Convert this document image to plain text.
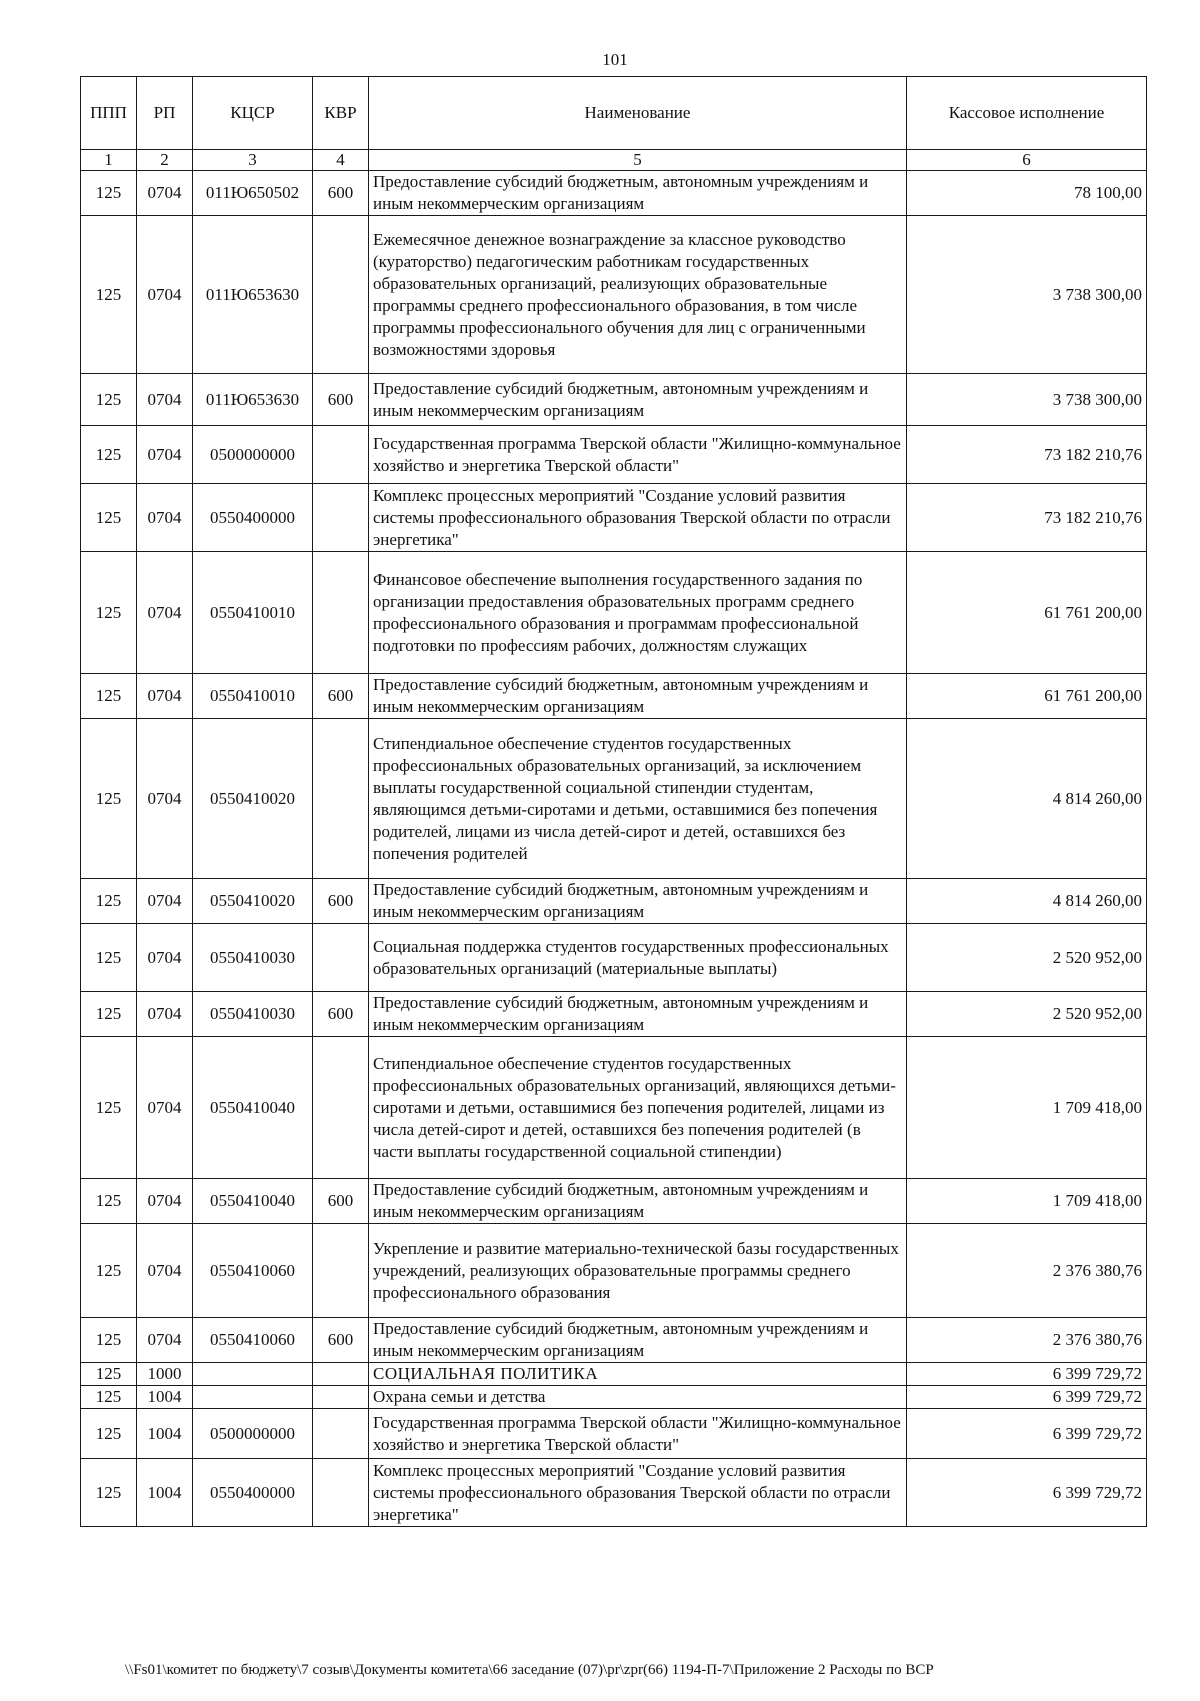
101
ППП	РП	КЦСР	КВР	Наименование	Кассовое исполнение
1	2	3	4	5	6
125	0704	011Ю650502	600	Предоставление субсидий бюджетным, автономным учреждениям и иным некоммерческим организациям	78 100,00
125	0704	011Ю653630		Ежемесячное денежное вознаграждение за классное руководство (кураторство) педагогическим работникам государственных образовательных организаций, реализующих образовательные программы среднего профессионального образования, в том числе программы профессионального обучения для лиц с ограниченными возможностями здоровья	3 738 300,00
125	0704	011Ю653630	600	Предоставление субсидий бюджетным, автономным учреждениям и иным некоммерческим организациям	3 738 300,00
125	0704	0500000000		Государственная программа Тверской области "Жилищно-коммунальное хозяйство и энергетика Тверской области"	73 182 210,76
125	0704	0550400000		Комплекс процессных мероприятий "Создание условий развития системы профессионального образования Тверской области по отрасли энергетика"	73 182 210,76
125	0704	0550410010		Финансовое обеспечение выполнения государственного задания по организации предоставления образовательных программ среднего профессионального образования и программам профессиональной подготовки по профессиям рабочих, должностям служащих	61 761 200,00
125	0704	0550410010	600	Предоставление субсидий бюджетным, автономным учреждениям и иным некоммерческим организациям	61 761 200,00
125	0704	0550410020		Стипендиальное обеспечение студентов государственных профессиональных образовательных организаций, за исключением выплаты государственной социальной стипендии студентам, являющимся детьми-сиротами и детьми, оставшимися без попечения родителей, лицами из числа детей-сирот и детей, оставшихся без попечения родителей	4 814 260,00
125	0704	0550410020	600	Предоставление субсидий бюджетным, автономным учреждениям и иным некоммерческим организациям	4 814 260,00
125	0704	0550410030		Социальная поддержка студентов государственных профессиональных образовательных организаций (материальные выплаты)	2 520 952,00
125	0704	0550410030	600	Предоставление субсидий бюджетным, автономным учреждениям и иным некоммерческим организациям	2 520 952,00
125	0704	0550410040		Стипендиальное обеспечение студентов государственных профессиональных образовательных организаций, являющихся детьми-сиротами и детьми, оставшимися без попечения родителей, лицами из числа детей-сирот и детей, оставшихся без попечения родителей (в части выплаты государственной социальной стипендии)	1 709 418,00
125	0704	0550410040	600	Предоставление субсидий бюджетным, автономным учреждениям и иным некоммерческим организациям	1 709 418,00
125	0704	0550410060		Укрепление и развитие материально-технической базы государственных учреждений, реализующих образовательные программы среднего профессионального образования	2 376 380,76
125	0704	0550410060	600	Предоставление субсидий бюджетным, автономным учреждениям и иным некоммерческим организациям	2 376 380,76
125	1000			СОЦИАЛЬНАЯ ПОЛИТИКА	6 399 729,72
125	1004			Охрана семьи и детства	6 399 729,72
125	1004	0500000000		Государственная программа Тверской области "Жилищно-коммунальное хозяйство и энергетика Тверской области"	6 399 729,72
125	1004	0550400000		Комплекс процессных мероприятий "Создание условий развития системы профессионального образования Тверской области по отрасли энергетика"	6 399 729,72
\\Fs01\комитет по бюджету\7 созыв\Документы комитета\66 заседание (07)\pr\zpr(66) 1194-П-7\Приложение 2 Расходы по ВСР
